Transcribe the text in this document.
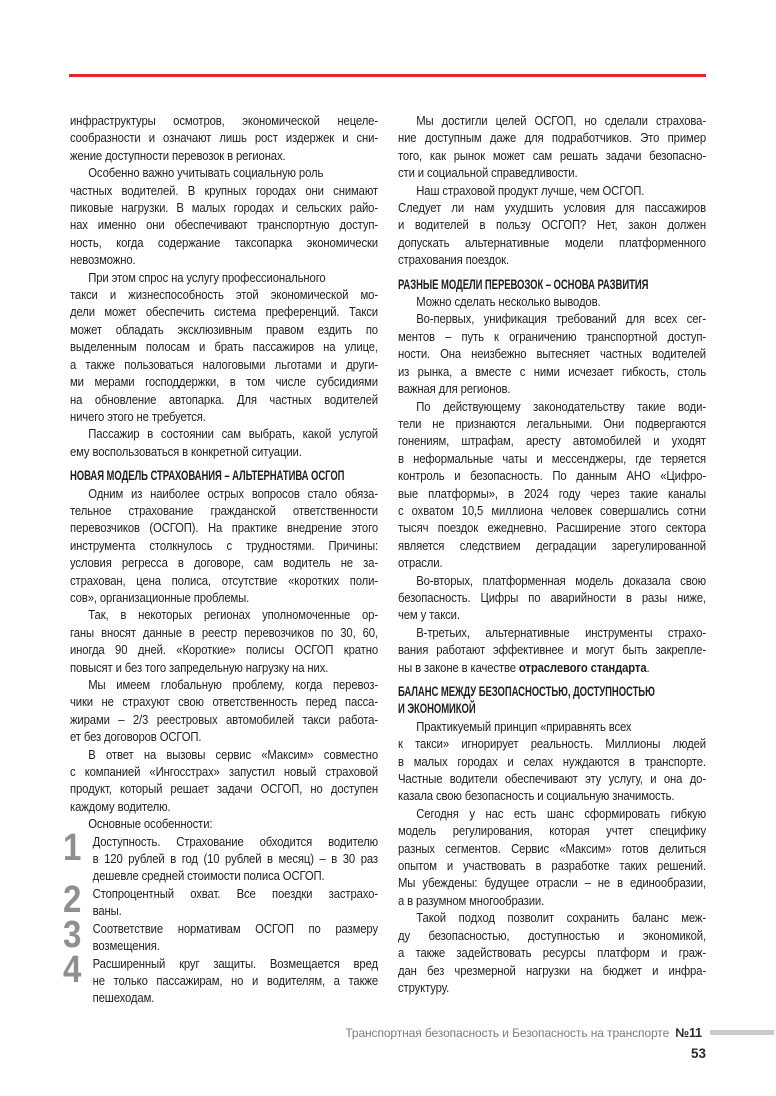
инфраструктуры осмотров, экономической нецеле-
сообразности и означают лишь рост издержек и сни-
жение доступности перевозок в регионах.
Особенно важно учитывать социальную роль
частных водителей. В крупных городах они снимают
пиковые нагрузки. В малых городах и сельских райо-
нах именно они обеспечивают транспортную доступ-
ность, когда содержание таксопарка экономически
невозможно.
При этом спрос на услугу профессионального
такси и жизнеспособность этой экономической мо-
дели может обеспечить система преференций. Такси
может обладать эксклюзивным правом ездить по
выделенным полосам и брать пассажиров на улице,
а также пользоваться налоговыми льготами и други-
ми мерами господдержки, в том числе субсидиями
на обновление автопарка. Для частных водителей
ничего этого не требуется.
Пассажир в состоянии сам выбрать, какой услугой
ему воспользоваться в конкретной ситуации.
НОВАЯ МОДЕЛЬ СТРАХОВАНИЯ – АЛЬТЕРНАТИВА ОСГОП
Одним из наиболее острых вопросов стало обяза-
тельное страхование гражданской ответственности
перевозчиков (ОСГОП). На практике внедрение этого
инструмента столкнулось с трудностями. Причины:
условия регресса в договоре, сам водитель не за-
страхован, цена полиса, отсутствие «коротких поли-
сов», организационные проблемы.
Так, в некоторых регионах уполномоченные ор-
ганы вносят данные в реестр перевозчиков по 30, 60,
иногда 90 дней. «Короткие» полисы ОСГОП кратно
повысят и без того запредельную нагрузку на них.
Мы имеем глобальную проблему, когда перевоз-
чики не страхуют свою ответственность перед пасса-
жирами – 2/3 реестровых автомобилей такси работа-
ет без договоров ОСГОП.
В ответ на вызовы сервис «Максим» совместно
с компанией «Ингосстрах» запустил новый страховой
продукт, который решает задачи ОСГОП, но доступен
каждому водителю.
Основные особенности:
1 Доступность. Страхование обходится водителю
в 120 рублей в год (10 рублей в месяц) – в 30 раз
дешевле средней стоимости полиса ОСГОП.
2 Стопроцентный охват. Все поездки застрахо-
ваны.
3 Соответствие нормативам ОСГОП по размеру
возмещения.
4 Расширенный круг защиты. Возмещается вред
не только пассажирам, но и водителям, а также
пешеходам.
Мы достигли целей ОСГОП, но сделали страхова-
ние доступным даже для подработчиков. Это пример
того, как рынок может сам решать задачи безопасно-
сти и социальной справедливости.
Наш страховой продукт лучше, чем ОСГОП.
Следует ли нам ухудшить условия для пассажиров
и водителей в пользу ОСГОП? Нет, закон должен
допускать альтернативные модели платформенного
страхования поездок.
РАЗНЫЕ МОДЕЛИ ПЕРЕВОЗОК – ОСНОВА РАЗВИТИЯ
Можно сделать несколько выводов.
Во-первых, унификация требований для всех сег-
ментов – путь к ограничению транспортной доступ-
ности. Она неизбежно вытесняет частных водителей
из рынка, а вместе с ними исчезает гибкость, столь
важная для регионов.
По действующему законодательству такие води-
тели не признаются легальными. Они подвергаются
гонениям, штрафам, аресту автомобилей и уходят
в неформальные чаты и мессенджеры, где теряется
контроль и безопасность. По данным АНО «Цифро-
вые платформы», в 2024 году через такие каналы
с охватом 10,5 миллиона человек совершались сотни
тысяч поездок ежедневно. Расширение этого сектора
является следствием деградации зарегулированной
отрасли.
Во-вторых, платформенная модель доказала свою
безопасность. Цифры по аварийности в разы ниже,
чем у такси.
В-третьих, альтернативные инструменты страхо-
вания работают эффективнее и могут быть закрепле-
ны в законе в качестве отраслевого стандарта.
БАЛАНС МЕЖДУ БЕЗОПАСНОСТЬЮ, ДОСТУПНОСТЬЮ
И ЭКОНОМИКОЙ
Практикуемый принцип «приравнять всех
к такси» игнорирует реальность. Миллионы людей
в малых городах и селах нуждаются в транспорте.
Частные водители обеспечивают эту услугу, и она до-
казала свою безопасность и социальную значимость.
Сегодня у нас есть шанс сформировать гибкую
модель регулирования, которая учтет специфику
разных сегментов. Сервис «Максим» готов делиться
опытом и участвовать в разработке таких решений.
Мы убеждены: будущее отрасли – не в единообразии,
а в разумном многообразии.
Такой подход позволит сохранить баланс меж-
ду безопасностью, доступностью и экономикой,
а также задействовать ресурсы платформ и граж-
дан без чрезмерной нагрузки на бюджет и инфра-
структуру.
Транспортная безопасность и Безопасность на транспорте №11
53
